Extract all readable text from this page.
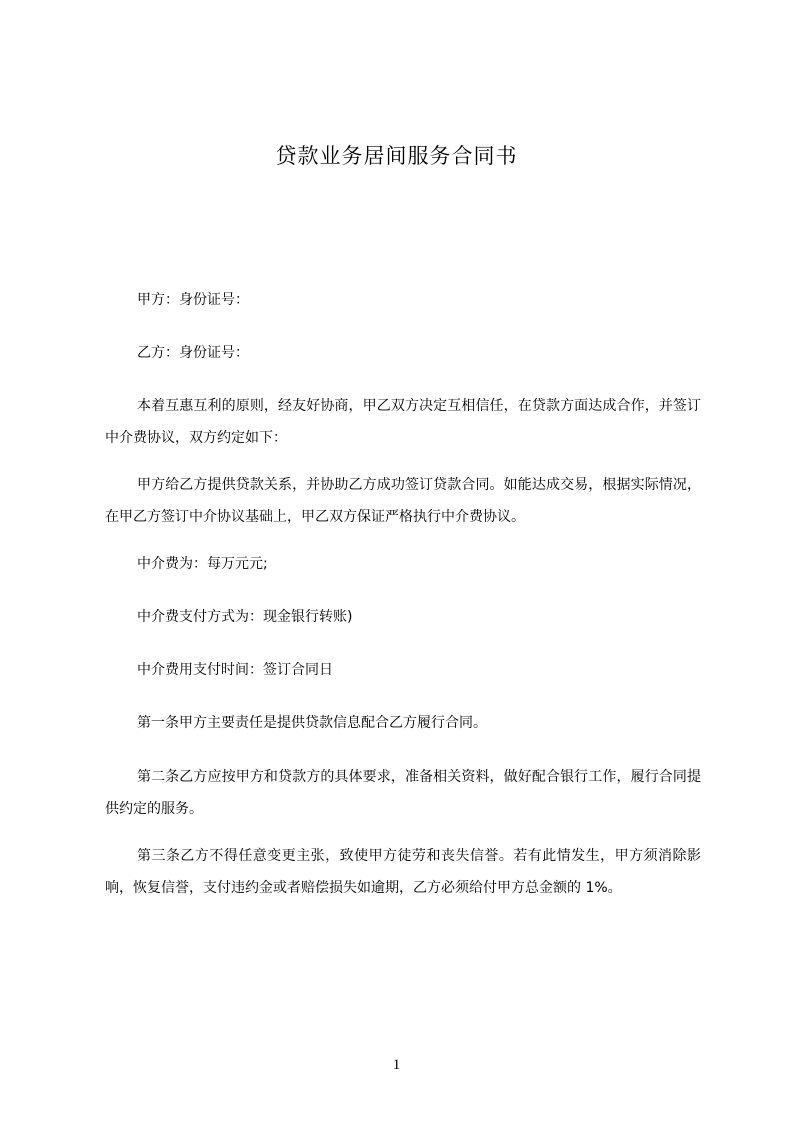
贷款业务居间服务合同书

甲方：身份证号：

乙方：身份证号：

本着互惠互利的原则，经友好协商，甲乙双方决定互相信任，在贷款方面达成合作，并签订中介费协议，双方约定如下：

甲方给乙方提供贷款关系，并协助乙方成功签订贷款合同。如能达成交易，根据实际情况，在甲乙方签订中介协议基础上，甲乙双方保证严格执行中介费协议。

中介费为：每万元元;

中介费支付方式为：现金银行转账)

中介费用支付时间：签订合同日

第一条甲方主要责任是提供贷款信息配合乙方履行合同。

第二条乙方应按甲方和贷款方的具体要求，准备相关资料，做好配合银行工作，履行合同提供约定的服务。

第三条乙方不得任意变更主张，致使甲方徒劳和丧失信誉。若有此情发生，甲方须消除影响，恢复信誉，支付违约金或者赔偿损失如逾期，乙方必须给付甲方总金额的 1%。

1
